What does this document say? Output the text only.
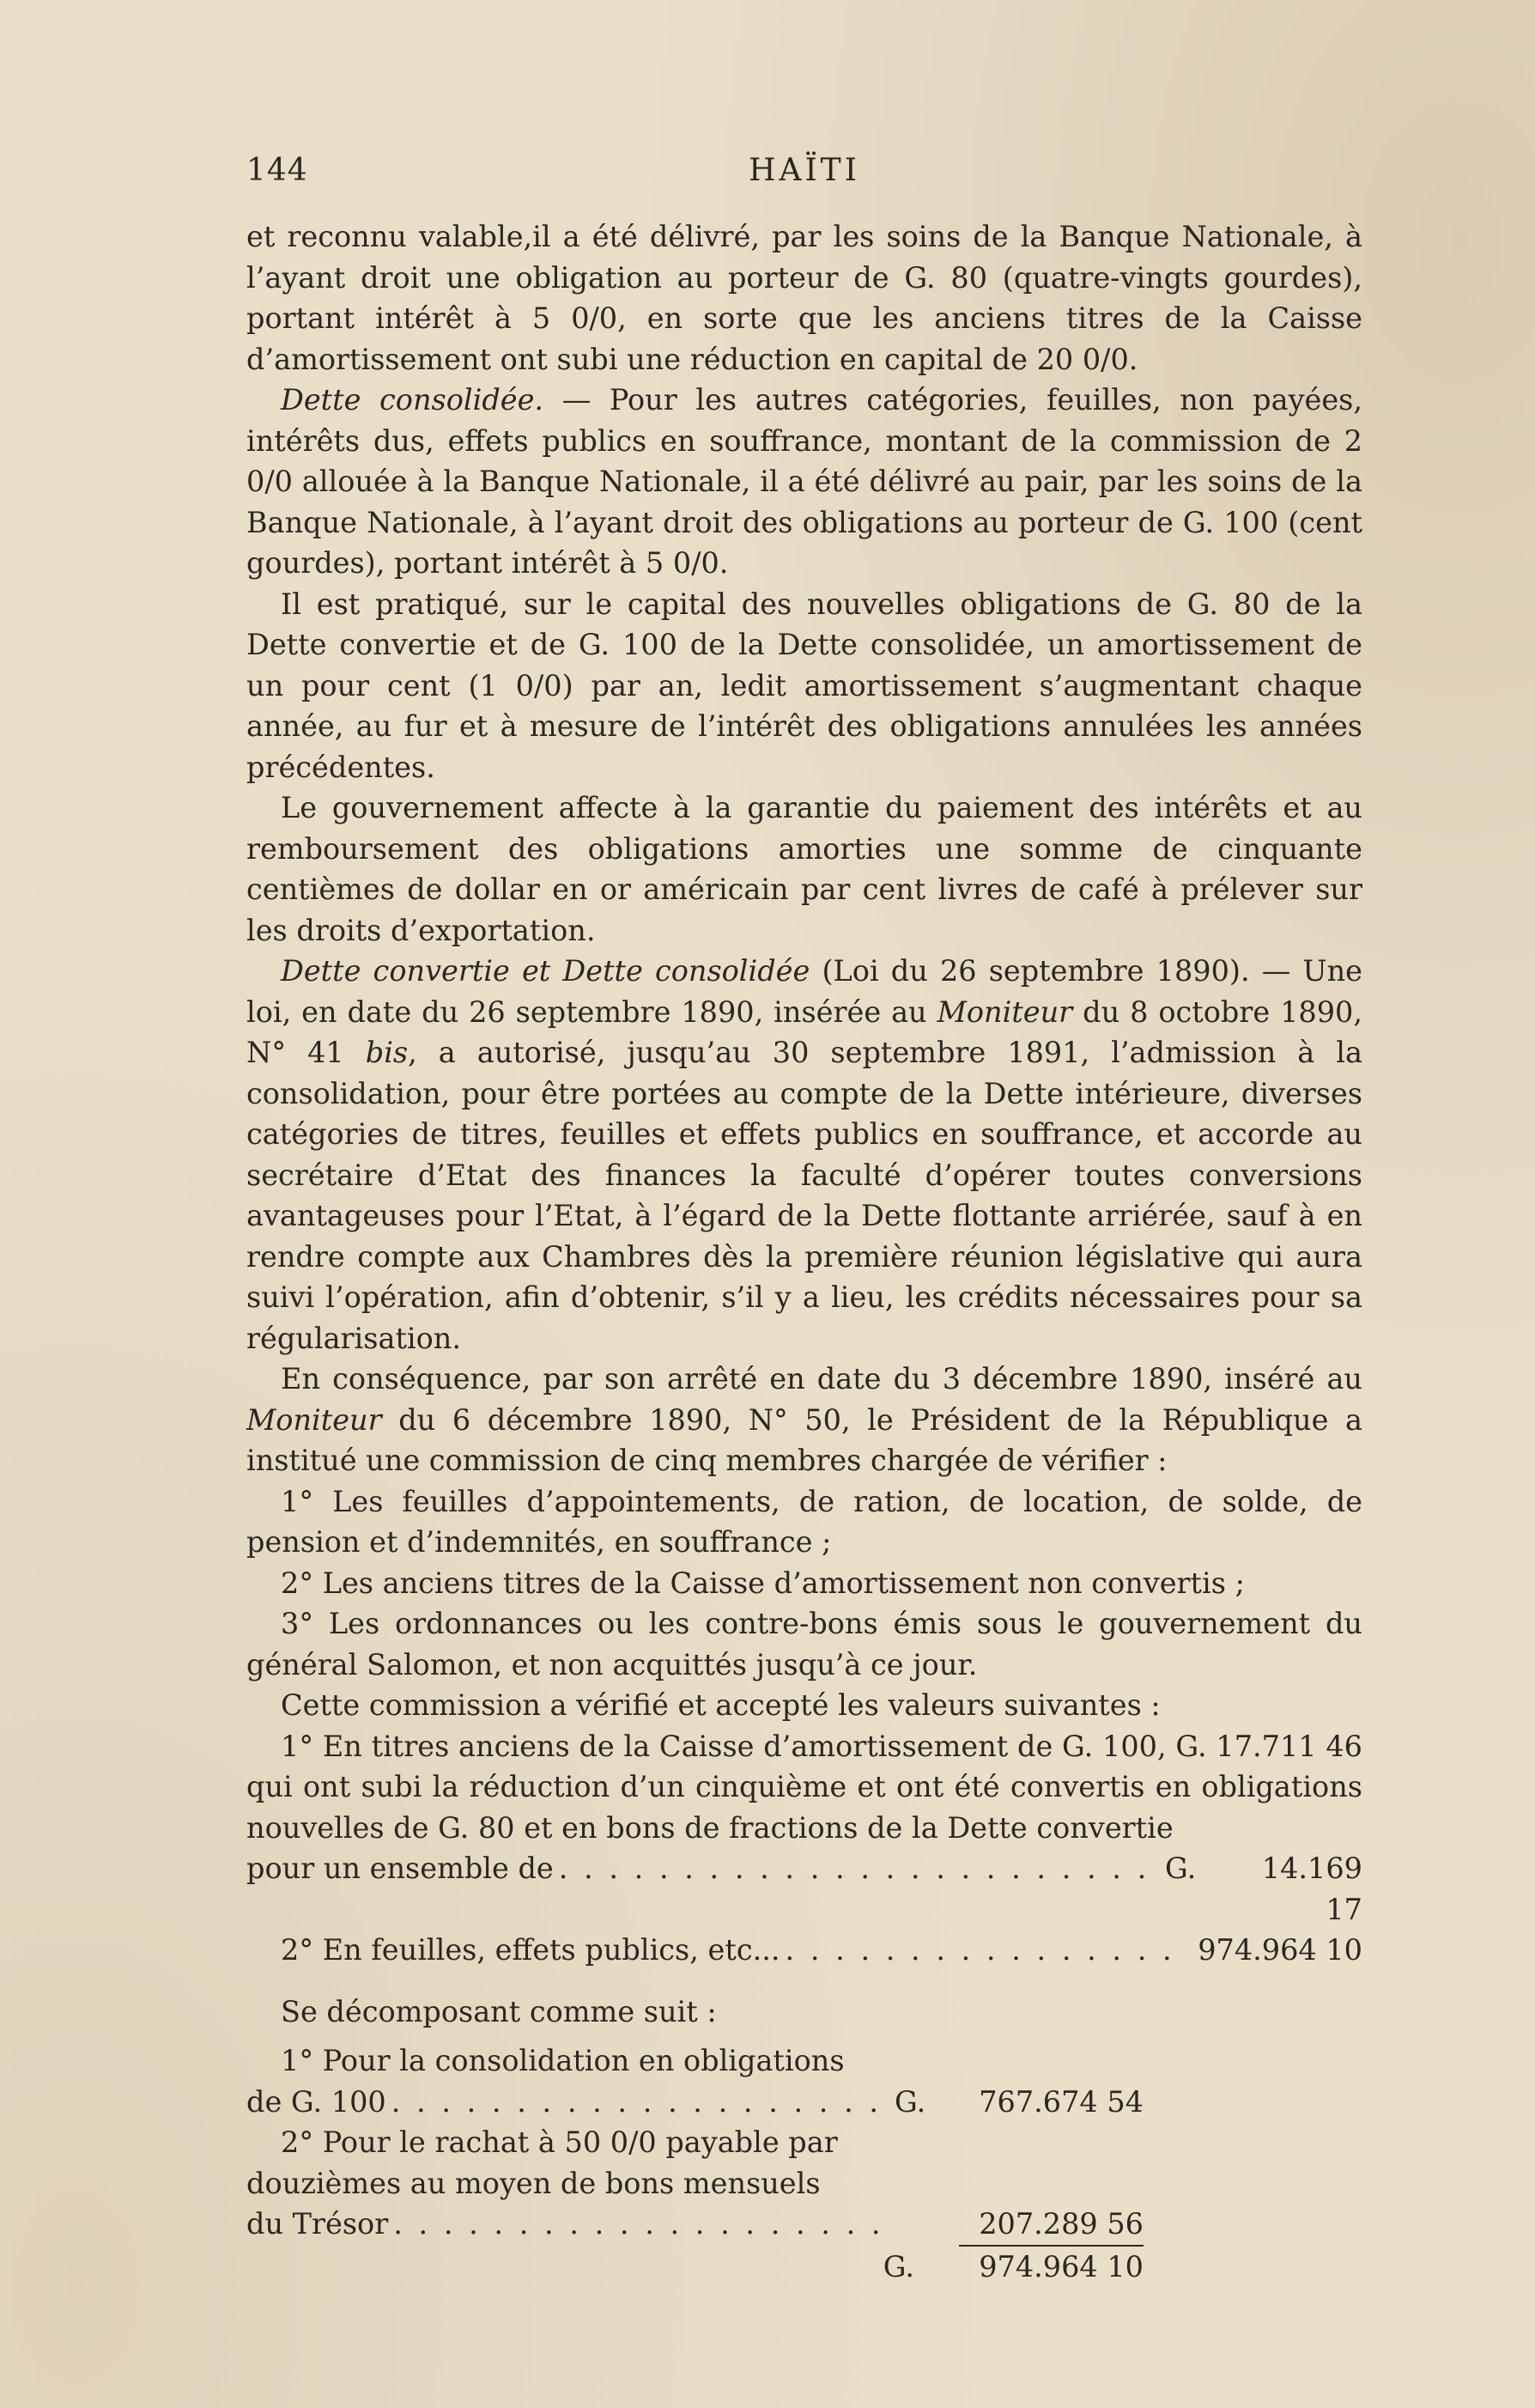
144	HAÏTI

et reconnu valable,il a été délivré, par les soins de la Banque Nationale, à l’ayant droit une obligation au porteur de G. 80 (quatre-vingts gourdes), portant intérêt à 5 0/0, en sorte que les anciens titres de la Caisse d’amortissement ont subi une réduction en capital de 20 0/0.

Dette consolidée. — Pour les autres catégories, feuilles, non payées, intérêts dus, effets publics en souffrance, montant de la commission de 2 0/0 allouée à la Banque Nationale, il a été délivré au pair, par les soins de la Banque Nationale, à l’ayant droit des obligations au porteur de G. 100 (cent gourdes), portant intérêt à 5 0/0.

Il est pratiqué, sur le capital des nouvelles obligations de G. 80 de la Dette convertie et de G. 100 de la Dette consolidée, un amortissement de un pour cent (1 0/0) par an, ledit amortissement s’augmentant chaque année, au fur et à mesure de l’intérêt des obligations annulées les années précédentes.

Le gouvernement affecte à la garantie du paiement des intérêts et au remboursement des obligations amorties une somme de cinquante centièmes de dollar en or américain par cent livres de café à prélever sur les droits d’exportation.

Dette convertie et Dette consolidée (Loi du 26 septembre 1890). — Une loi, en date du 26 septembre 1890, insérée au Moniteur du 8 octobre 1890, N° 41 bis, a autorisé, jusqu’au 30 septembre 1891, l’admission à la consolidation, pour être portées au compte de la Dette intérieure, diverses catégories de titres, feuilles et effets publics en souffrance, et accorde au secrétaire d’Etat des finances la faculté d’opérer toutes conversions avantageuses pour l’Etat, à l’égard de la Dette flottante arriérée, sauf à en rendre compte aux Chambres dès la première réunion législative qui aura suivi l’opération, afin d’obtenir, s’il y a lieu, les crédits nécessaires pour sa régularisation.

En conséquence, par son arrêté en date du 3 décembre 1890, inséré au Moniteur du 6 décembre 1890, N° 50, le Président de la République a institué une commission de cinq membres chargée de vérifier :

1° Les feuilles d’appointements, de ration, de location, de solde, de pension et d’indemnités, en souffrance ;

2° Les anciens titres de la Caisse d’amortissement non convertis ;

3° Les ordonnances ou les contre-bons émis sous le gouvernement du général Salomon, et non acquittés jusqu’à ce jour.

Cette commission a vérifié et accepté les valeurs suivantes :

1° En titres anciens de la Caisse d’amortissement de G. 100, G. 17.711 46 qui ont subi la réduction d’un cinquième et ont été convertis en obligations nouvelles de G. 80 et en bons de fractions de la Dette convertie

pour un ensemble de . . .	G.	14.169 17
2° En feuilles, effets publics, etc... . . .	974.964 10

Se décomposant comme suit :

1° Pour la consolidation en obligations
de G. 100 . . .	G.	767.674 54
2° Pour le rachat à 50 0/0 payable par
douzièmes au moyen de bons mensuels
du Trésor . . .	207.289 56
G.	974.964 10
